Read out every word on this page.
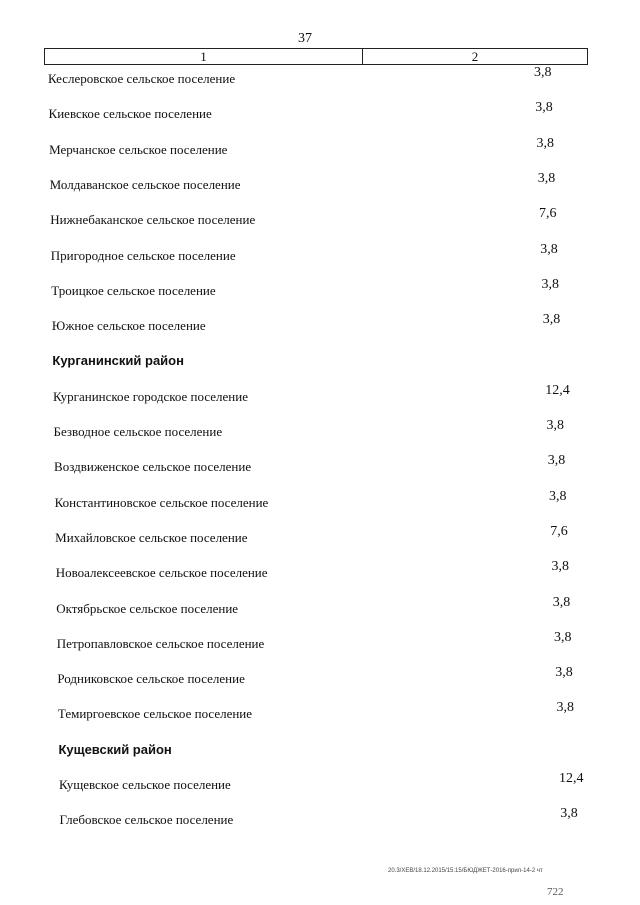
37
1	2
Кеслеровское сельское поселение	3,8
Киевское сельское поселение	3,8
Мерчанское сельское поселение	3,8
Молдаванское сельское поселение	3,8
Нижнебаканское сельское поселение	7,6
Пригородное сельское поселение	3,8
Троицкое сельское поселение	3,8
Южное сельское поселение	3,8
Курганинский район
Курганинское городское поселение	12,4
Безводное сельское поселение	3,8
Воздвиженское сельское поселение	3,8
Константиновское сельское поселение	3,8
Михайловское сельское поселение	7,6
Новоалексеевское сельское поселение	3,8
Октябрьское сельское поселение	3,8
Петропавловское сельское поселение	3,8
Родниковское сельское поселение	3,8
Темиргоевское сельское поселение	3,8
Кущевский район
Кущевское сельское поселение	12,4
Глебовское сельское поселение	3,8
20.3/ХЕВ/18.12.2015/15:15/БЮДЖЕТ-2016-прил-14-2 чт
722
